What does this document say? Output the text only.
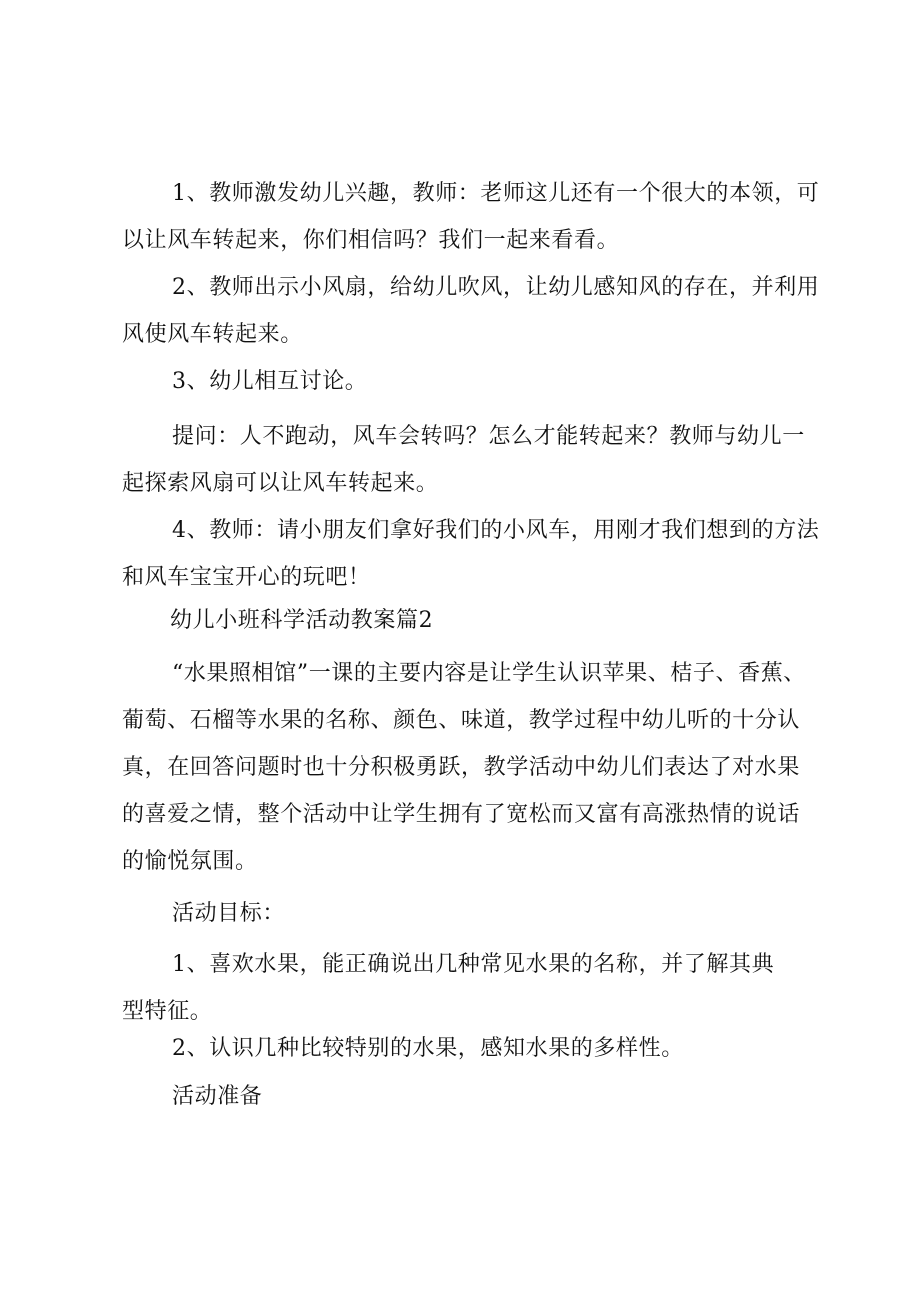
1、教师激发幼儿兴趣，教师：老师这儿还有一个很大的本领，可以让风车转起来，你们相信吗？我们一起来看看。

2、教师出示小风扇，给幼儿吹风，让幼儿感知风的存在，并利用风使风车转起来。

3、幼儿相互讨论。

提问：人不跑动，风车会转吗？怎么才能转起来？教师与幼儿一起探索风扇可以让风车转起来。

4、教师：请小朋友们拿好我们的小风车，用刚才我们想到的方法和风车宝宝开心的玩吧！

幼儿小班科学活动教案篇2

“水果照相馆”一课的主要内容是让学生认识苹果、桔子、香蕉、葡萄、石榴等水果的名称、颜色、味道，教学过程中幼儿听的十分认真，在回答问题时也十分积极勇跃，教学活动中幼儿们表达了对水果的喜爱之情，整个活动中让学生拥有了宽松而又富有高涨热情的说话的愉悦氛围。

活动目标：

1、喜欢水果，能正确说出几种常见水果的名称，并了解其典型特征。

2、认识几种比较特别的水果，感知水果的多样性。

活动准备
